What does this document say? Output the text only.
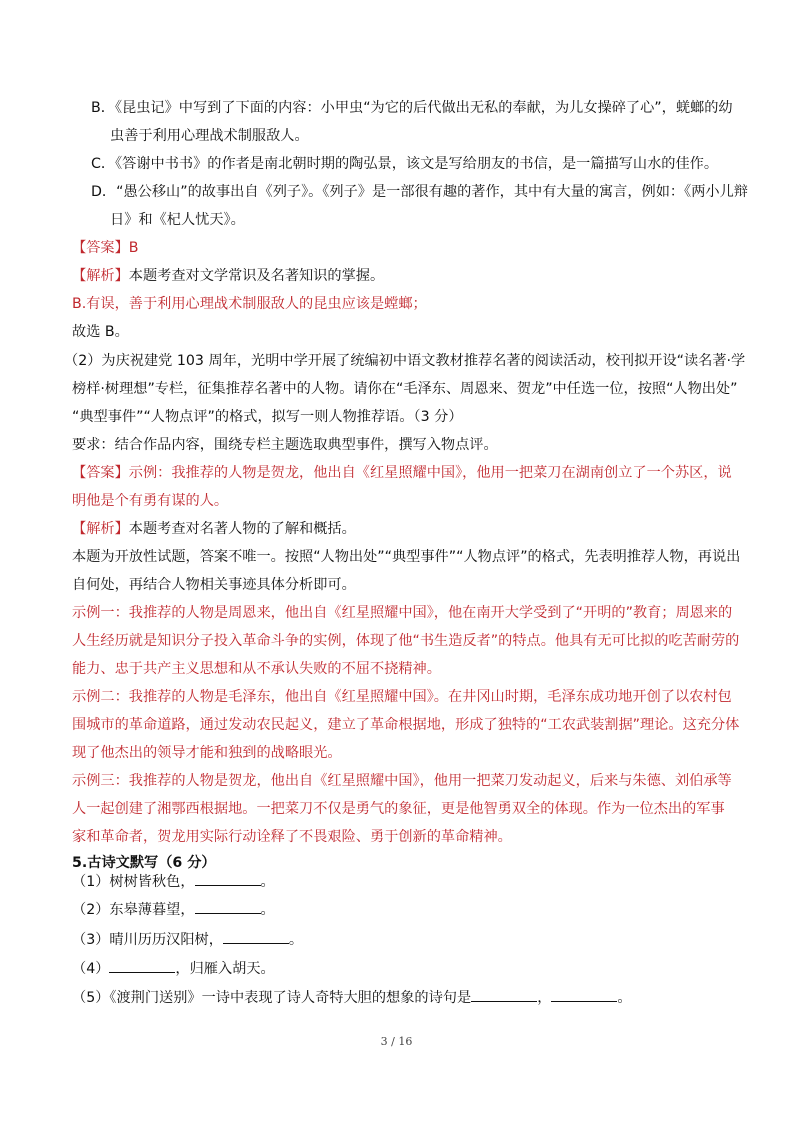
B．《昆虫记》中写到了下面的内容：小甲虫“为它的后代做出无私的奉献，为儿女操碎了心”，蜣螂的幼
虫善于利用心理战术制服敌人。
C．《答谢中书书》的作者是南北朝时期的陶弘景，该文是写给朋友的书信，是一篇描写山水的佳作。
D．“愚公移山”的故事出自《列子》。《列子》是一部很有趣的著作，其中有大量的寓言，例如：《两小儿辩
日》和《杞人忧天》。
【答案】B
【解析】本题考查对文学常识及名著知识的掌握。
B.有误，善于利用心理战术制服敌人的昆虫应该是螳螂；
故选 B。
（2）为庆祝建党 103 周年，光明中学开展了统编初中语文教材推荐名著的阅读活动，校刊拟开设“读名著·学
榜样·树理想”专栏，征集推荐名著中的人物。请你在“毛泽东、周恩来、贺龙”中任选一位，按照“人物出处”
“典型事件”“人物点评”的格式，拟写一则人物推荐语。（3 分）
要求：结合作品内容，围绕专栏主题选取典型事件，撰写入物点评。
【答案】示例：我推荐的人物是贺龙，他出自《红星照耀中国》，他用一把菜刀在湖南创立了一个苏区，说
明他是个有勇有谋的人。
【解析】本题考查对名著人物的了解和概括。
本题为开放性试题，答案不唯一。按照“人物出处”“典型事件”“人物点评”的格式，先表明推荐人物，再说出
自何处，再结合人物相关事迹具体分析即可。
示例一：我推荐的人物是周恩来，他出自《红星照耀中国》，他在南开大学受到了“开明的”教育；周恩来的
人生经历就是知识分子投入革命斗争的实例，体现了他“书生造反者”的特点。他具有无可比拟的吃苦耐劳的
能力、忠于共产主义思想和从不承认失败的不屈不挠精神。
示例二：我推荐的人物是毛泽东，他出自《红星照耀中国》。在井冈山时期，毛泽东成功地开创了以农村包
围城市的革命道路，通过发动农民起义，建立了革命根据地，形成了独特的“工农武装割据”理论。这充分体
现了他杰出的领导才能和独到的战略眼光。
示例三：我推荐的人物是贺龙，他出自《红星照耀中国》，他用一把菜刀发动起义，后来与朱德、刘伯承等
人一起创建了湘鄂西根据地。一把菜刀不仅是勇气的象征，更是他智勇双全的体现。作为一位杰出的军事
家和革命者，贺龙用实际行动诠释了不畏艰险、勇于创新的革命精神。
5.古诗文默写（6 分）
（1）树树皆秋色，	。
（2）东皋薄暮望，	。
（3）晴川历历汉阳树，	。
（4）	，归雁入胡天。
（5）《渡荆门送别》一诗中表现了诗人奇特大胆的想象的诗句是	，	。
3 / 16
